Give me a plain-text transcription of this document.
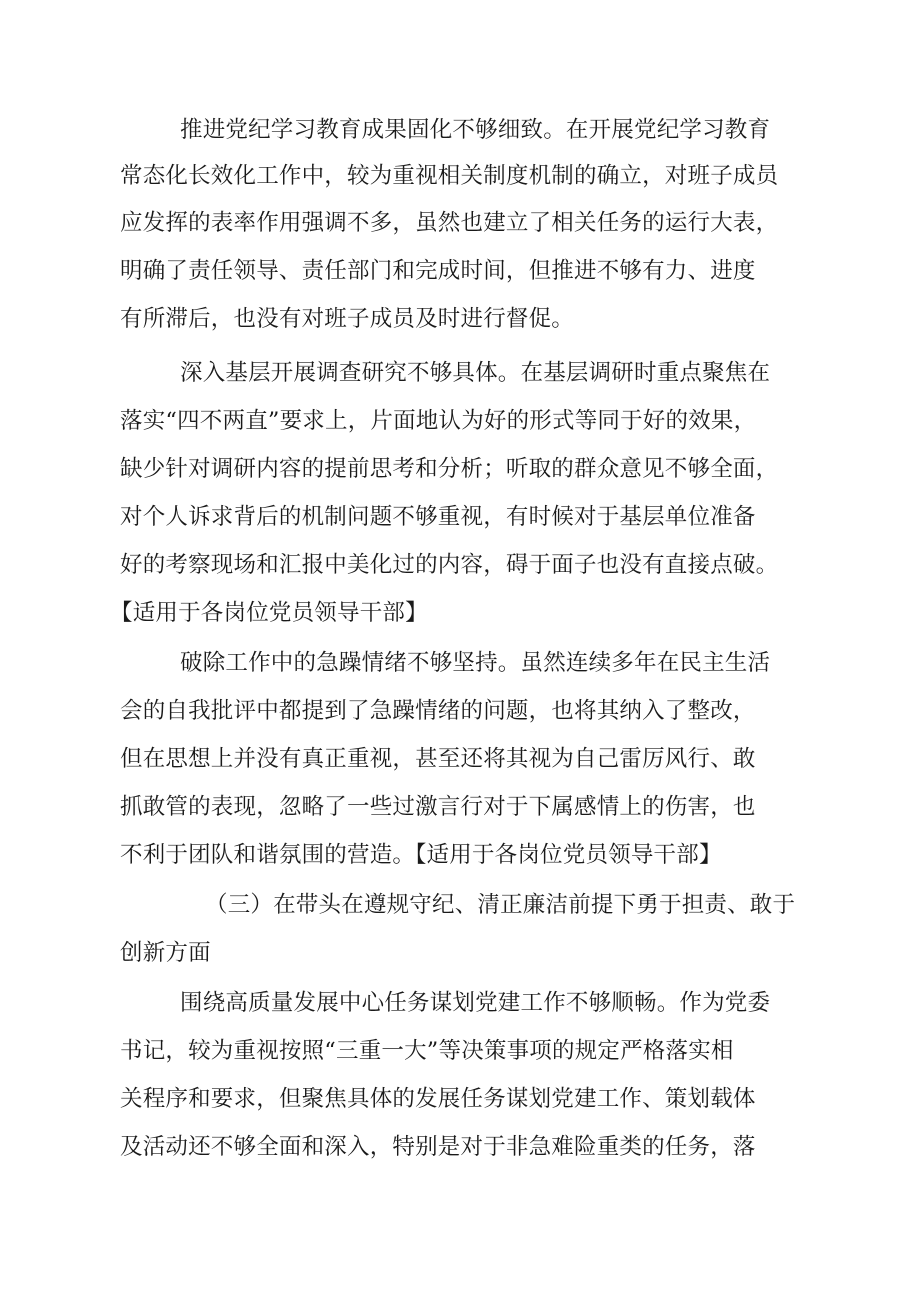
推进党纪学习教育成果固化不够细致。在开展党纪学习教育
常态化长效化工作中，较为重视相关制度机制的确立，对班子成员
应发挥的表率作用强调不多，虽然也建立了相关任务的运行大表，
明确了责任领导、责任部门和完成时间，但推进不够有力、进度
有所滞后，也没有对班子成员及时进行督促。
深入基层开展调查研究不够具体。在基层调研时重点聚焦在
落实“四不两直”要求上，片面地认为好的形式等同于好的效果，
缺少针对调研内容的提前思考和分析；听取的群众意见不够全面，
对个人诉求背后的机制问题不够重视，有时候对于基层单位准备
好的考察现场和汇报中美化过的内容，碍于面子也没有直接点破。
【适用于各岗位党员领导干部】
破除工作中的急躁情绪不够坚持。虽然连续多年在民主生活
会的自我批评中都提到了急躁情绪的问题，也将其纳入了整改，
但在思想上并没有真正重视，甚至还将其视为自己雷厉风行、敢
抓敢管的表现，忽略了一些过激言行对于下属感情上的伤害，也
不利于团队和谐氛围的营造。【适用于各岗位党员领导干部】
（三）在带头在遵规守纪、清正廉洁前提下勇于担责、敢于
创新方面
围绕高质量发展中心任务谋划党建工作不够顺畅。作为党委
书记，较为重视按照“三重一大”等决策事项的规定严格落实相
关程序和要求，但聚焦具体的发展任务谋划党建工作、策划载体
及活动还不够全面和深入，特别是对于非急难险重类的任务，落
